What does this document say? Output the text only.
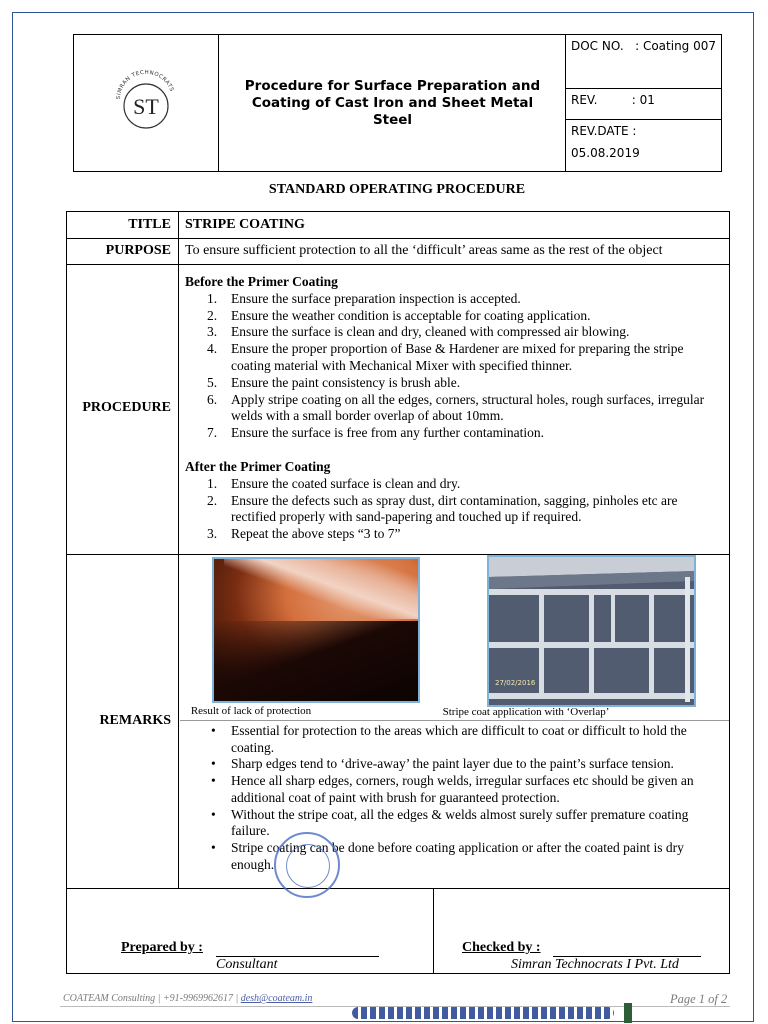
SIMRAN TECHNOCRATS
ST
Procedure for Surface Preparation and Coating of Cast Iron and Sheet Metal Steel
DOC NO. : Coating 007
REV.	: 01
REV.DATE :
05.08.2019
STANDARD OPERATING PROCEDURE
TITLE	STRIPE COATING
PURPOSE	To ensure sufficient protection to all the ‘difficult’ areas same as the rest of the object
PROCEDURE
Before the Primer Coating
1. Ensure the surface preparation inspection is accepted.
2. Ensure the weather condition is acceptable for coating application.
3. Ensure the surface is clean and dry, cleaned with compressed air blowing.
4. Ensure the proper proportion of Base & Hardener are mixed for preparing the stripe coating material with Mechanical Mixer with specified thinner.
5. Ensure the paint consistency is brush able.
6. Apply stripe coating on all the edges, corners, structural holes, rough surfaces, irregular welds with a small border overlap of about 10mm.
7. Ensure the surface is free from any further contamination.
After the Primer Coating
1. Ensure the coated surface is clean and dry.
2. Ensure the defects such as spray dust, dirt contamination, sagging, pinholes etc are rectified properly with sand-papering and touched up if required.
3. Repeat the above steps “3 to 7”
REMARKS
27/02/2016
Result of lack of protection	Stripe coat application with ‘Overlap’
• Essential for protection to the areas which are difficult to coat or difficult to hold the coating.
• Sharp edges tend to ‘drive-away’ the paint layer due to the paint’s surface tension.
• Hence all sharp edges, corners, rough welds, irregular surfaces etc should be given an additional coat of paint with brush for guaranteed protection.
• Without the stripe coat, all the edges & welds almost surely suffer premature coating failure.
• Stripe coating can be done before coating application or after the coated paint is dry enough.
Prepared by :
Consultant
Checked by :
Simran Technocrats I Pvt. Ltd
COATEAM Consulting | +91-9969962617 | desh@coateam.in	Page 1 of 2
